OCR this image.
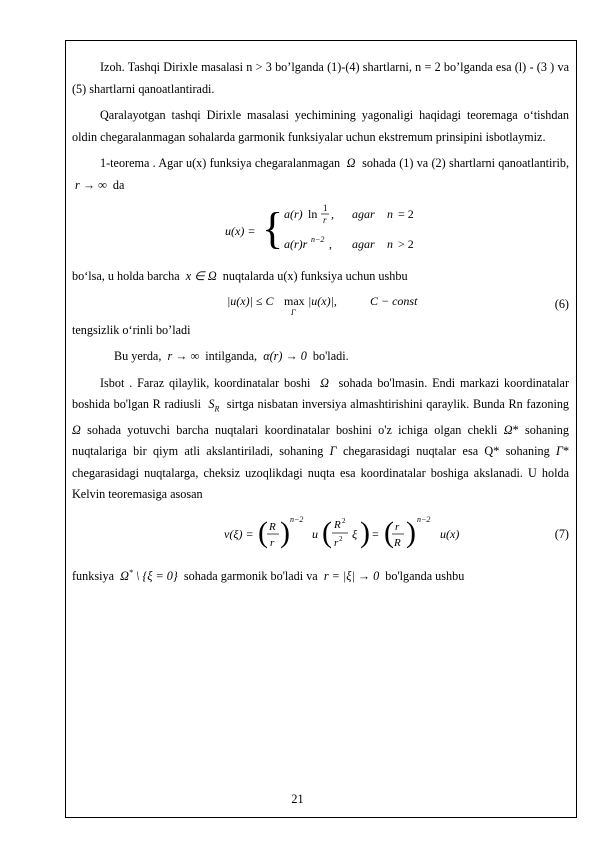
Izoh. Tashqi Dirixle masalasi n > 3 bo’lganda (1)-(4) shartlarni, n = 2 bo’lganda esa (l) - (3 ) va (5) shartlarni qanoatlantiradi.

Qaralayotgan tashqi Dirixle masalasi yechimining yagonaligi haqidagi teoremaga o‘tishdan oldin chegaralanmagan sohalarda garmonik funksiyalar uchun ekstremum prinsipini isbotlaymiz.

1-teorema . Agar u(x) funksiya chegaralanmagan  Ω  sohada (1) va (2) shartlarni qanoatlantirib,  r → ∞  da

u(x) = { a(r) ln 1
r , agar n = 2
a(r)r n−2 , agar n > 2

bo‘lsa, u holda barcha  x ∈ Ω  nuqtalarda u(x) funksiya uchun ushbu

|u(x)| ≤ C max
Γ
|u(x)|,	C − const	(6)

tengsizlik o‘rinli bo’ladi

Bu yerda,  r → ∞  intilganda,  α(r) → 0  bo'ladi.

Isbot . Faraz qilaylik, koordinatalar boshi  Ω  sohada bo'lmasin. Endi markazi koordinatalar boshida bo'lgan R radiusli  $S_R$ sirtga nisbatan inversiya almashtirishini qaraylik. Bunda Rn fazoning Ω sohada yotuvchi barcha nuqtalari koordinatalar boshini o'z ichiga olgan chekli Ω* sohaning nuqtalariga bir qiym atli akslantiriladi, sohaning Γ chegarasidagi nuqtalar esa Q* sohaning Γ* chegarasidagi nuqtalarga, cheksiz uzoqlikdagi nuqta esa koordinatalar boshiga akslanadi. U holda Kelvin teoremasiga asosan

v(ξ) = ( R
r ) n−2
u ( R 2
r 2 ξ ) = ( r
R ) n−2
u(x)	(7)

funksiya  Ω* \ {ξ = 0}  sohada garmonik bo'ladi va  r = |ξ| → 0  bo'lganda ushbu

21
